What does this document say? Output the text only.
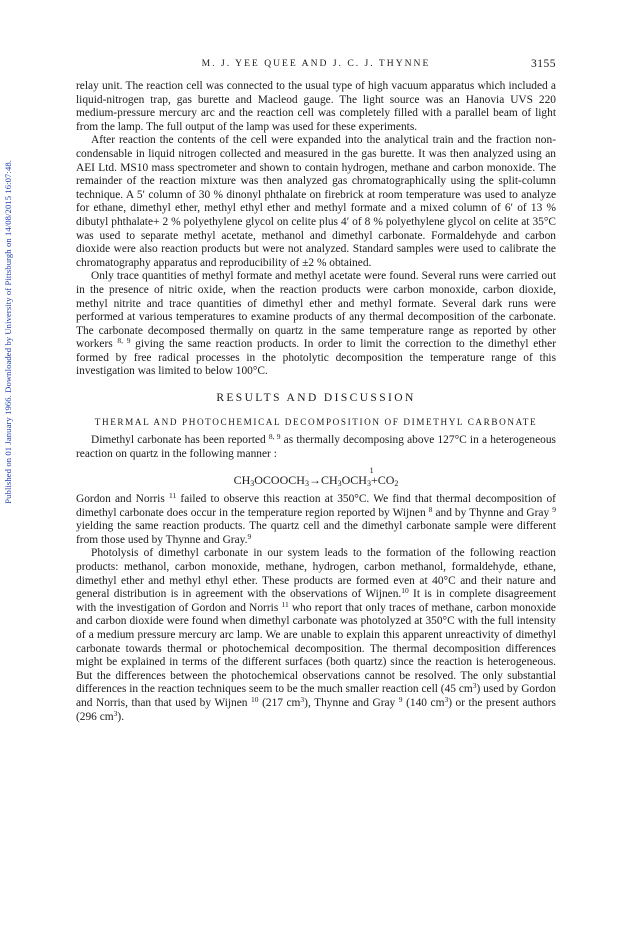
Published on 01 January 1966. Downloaded by University of Pittsburgh on 14/08/2015 16:07:48.
M. J. YEE QUEE AND J. C. J. THYNNE	3155

relay unit. The reaction cell was connected to the usual type of high vacuum apparatus which included a liquid-nitrogen trap, gas burette and Macleod gauge. The light source was an Hanovia UVS 220 medium-pressure mercury arc and the reaction cell was completely filled with a parallel beam of light from the lamp. The full output of the lamp was used for these experiments.

After reaction the contents of the cell were expanded into the analytical train and the fraction non-condensable in liquid nitrogen collected and measured in the gas burette. It was then analyzed using an AEI Ltd. MS10 mass spectrometer and shown to contain hydrogen, methane and carbon monoxide. The remainder of the reaction mixture was then analyzed gas chromatographically using the split-column technique. A 5′ column of 30 % dinonyl phthalate on firebrick at room temperature was used to analyze for ethane, dimethyl ether, methyl ethyl ether and methyl formate and a mixed column of 6′ of 13 % dibutyl phthalate+ 2 % polyethylene glycol on celite plus 4′ of 8 % polyethylene glycol on celite at 35°C was used to separate methyl acetate, methanol and dimethyl carbonate. Formaldehyde and carbon dioxide were also reaction products but were not analyzed. Standard samples were used to calibrate the chromatography apparatus and reproducibility of ±2 % obtained.

Only trace quantities of methyl formate and methyl acetate were found. Several runs were carried out in the presence of nitric oxide, when the reaction products were carbon monoxide, carbon dioxide, methyl nitrite and trace quantities of dimethyl ether and methyl formate. Several dark runs were performed at various temperatures to examine products of any thermal decomposition of the carbonate. The carbonate decomposed thermally on quartz in the same temperature range as reported by other workers $^{8, 9}$ giving the same reaction products. In order to limit the correction to the dimethyl ether formed by free radical processes in the photolytic decomposition the temperature range of this investigation was limited to below 100°C.

RESULTS AND DISCUSSION
THERMAL AND PHOTOCHEMICAL DECOMPOSITION OF DIMETHYL CARBONATE

Dimethyl carbonate has been reported $^{8, 9}$ as thermally decomposing above 127°C in a heterogeneous reaction on quartz in the following manner :

1
$CH_3OCOOCH_3\to CH_3OCH_3+CO_2$

Gordon and Norris $^{11}$ failed to observe this reaction at 350°C. We find that thermal decomposition of dimethyl carbonate does occur in the temperature region reported by Wijnen $^8$ and by Thynne and Gray $^9$ yielding the same reaction products. The quartz cell and the dimethyl carbonate sample were different from those used by Thynne and Gray.$^9$

Photolysis of dimethyl carbonate in our system leads to the formation of the following reaction products: methanol, carbon monoxide, methane, hydrogen, carbon methanol, formaldehyde, ethane, dimethyl ether and methyl ethyl ether. These products are formed even at 40°C and their nature and general distribution is in agreement with the observations of Wijnen.$^{10}$ It is in complete disagreement with the investigation of Gordon and Norris $^{11}$ who report that only traces of methane, carbon monoxide and carbon dioxide were found when dimethyl carbonate was photolyzed at 350°C with the full intensity of a medium pressure mercury arc lamp. We are unable to explain this apparent unreactivity of dimethyl carbonate towards thermal or photochemical decomposition. The thermal decomposition differences might be explained in terms of the different surfaces (both quartz) since the reaction is heterogeneous. But the differences between the photochemical observations cannot be resolved. The only substantial differences in the reaction techniques seem to be the much smaller reaction cell (45 $cm^3$) used by Gordon and Norris, than that used by Wijnen $^{10}$ (217 $cm^3$), Thynne and Gray $^9$ (140 $cm^3$) or the present authors (296 $cm^3$).
